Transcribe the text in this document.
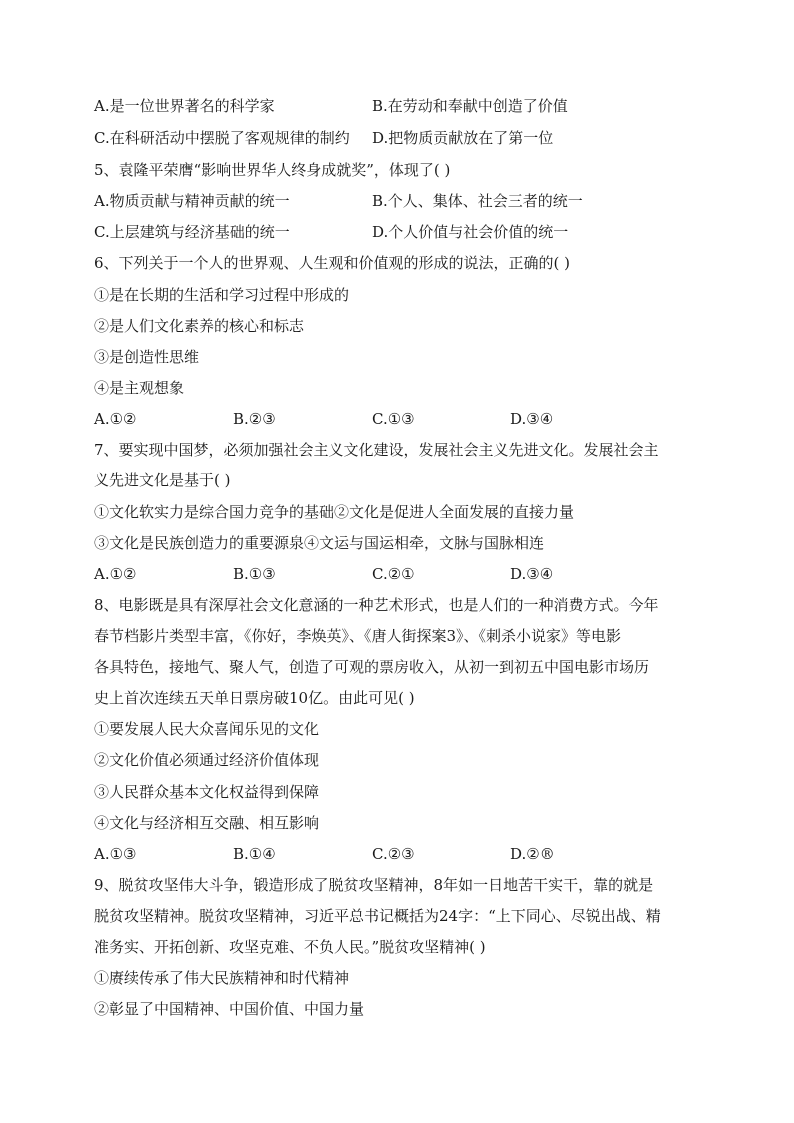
A.是一位世界著名的科学家	B.在劳动和奉献中创造了价值
C.在科研活动中摆脱了客观规律的制约 D.把物质贡献放在了第一位
5、袁隆平荣膺“影响世界华人终身成就奖”，体现了( )
A.物质贡献与精神贡献的统一	B.个人、集体、社会三者的统一
C.上层建筑与经济基础的统一	D.个人价值与社会价值的统一
6、下列关于一个人的世界观、人生观和价值观的形成的说法，正确的( )
①是在长期的生活和学习过程中形成的
②是人们文化素养的核心和标志
③是创造性思维
④是主观想象
A.①②	B.②③	C.①③	D.③④
7、要实现中国梦，必须加强社会主义文化建设，发展社会主义先进文化。发展社会主
义先进文化是基于( )
①文化软实力是综合国力竞争的基础②文化是促进人全面发展的直接力量
③文化是民族创造力的重要源泉④文运与国运相牵，文脉与国脉相连
A.①②	B.①③	C.②①	D.③④
8、电影既是具有深厚社会文化意涵的一种艺术形式，也是人们的一种消费方式。今年
春节档影片类型丰富，《你好，李焕英》、《唐人街探案3》、《刺杀小说家》等电影
各具特色，接地气、聚人气，创造了可观的票房收入，从初一到初五中国电影市场历
史上首次连续五天单日票房破10亿。由此可见( )
①要发展人民大众喜闻乐见的文化
②文化价值必须通过经济价值体现
③人民群众基本文化权益得到保障
④文化与经济相互交融、相互影响
A.①③	B.①④	C.②③	D.②®
9、脱贫攻坚伟大斗争，锻造形成了脱贫攻坚精神，8年如一日地苦干实干，靠的就是
脱贫攻坚精神。脱贫攻坚精神，习近平总书记概括为24字：“上下同心、尽锐出战、精
准务实、开拓创新、攻坚克难、不负人民。”脱贫攻坚精神( )
①赓续传承了伟大民族精神和时代精神
②彰显了中国精神、中国价值、中国力量
